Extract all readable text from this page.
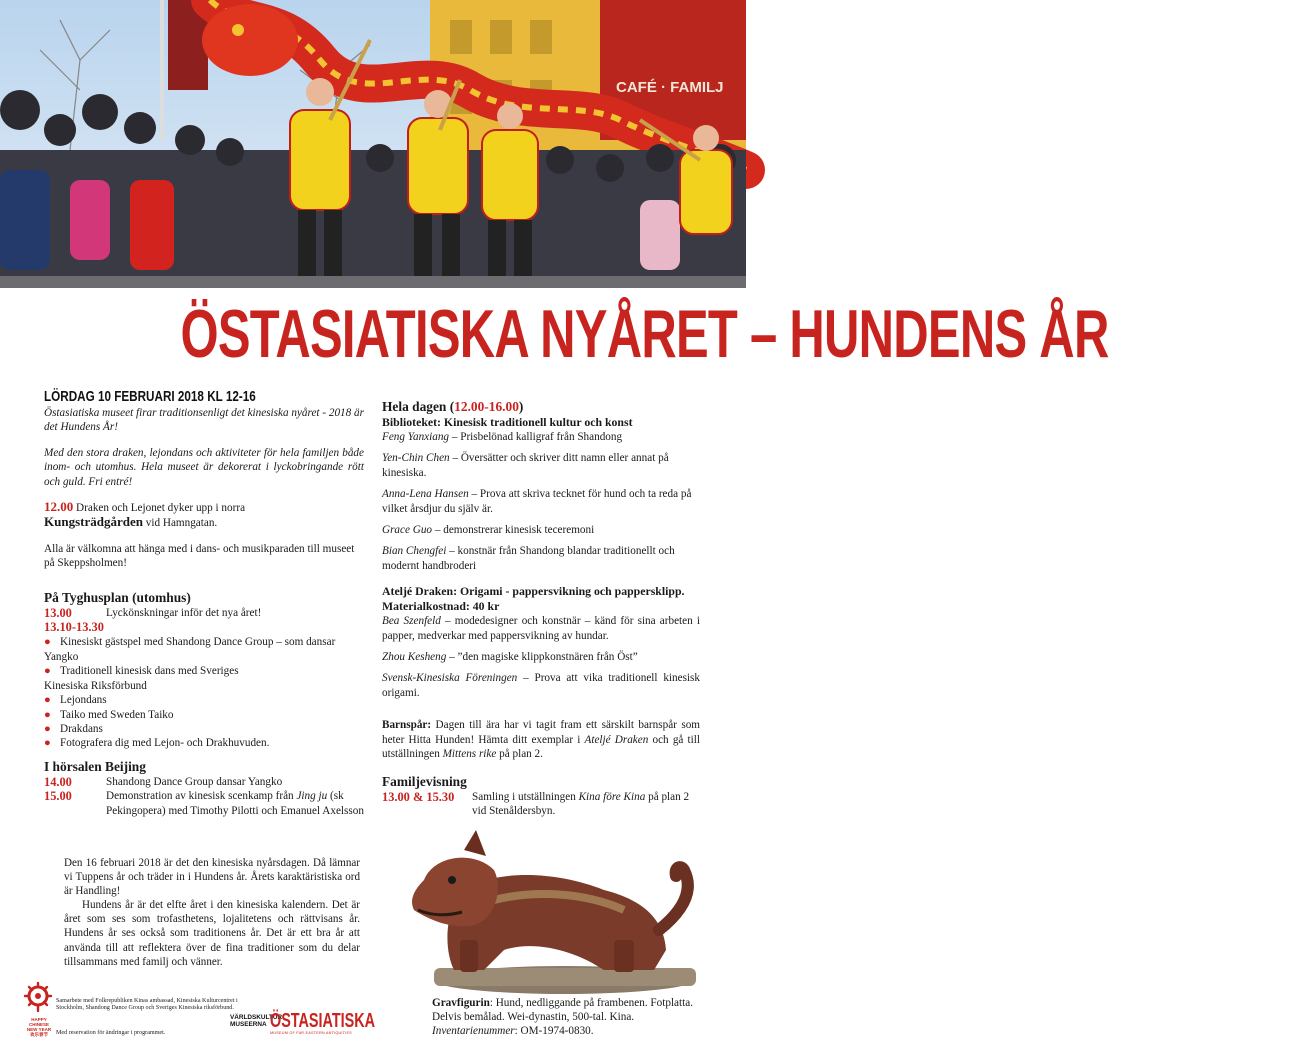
CAFÉ · FAMILJ
ÖSTASIATISKA NYÅRET – HUNDENS ÅR
LÖRDAG 10 FEBRUARI 2018 KL 12-16

Östasiatiska museet firar traditionsenligt det kinesiska nyåret - 2018 är det Hundens År!

Med den stora draken, lejondans och aktiviteter för hela familjen både inom- och utomhus. Hela museet är dekorerat i lyckobringande rött och guld. Fri entré!

12.00 Draken och Lejonet dyker upp i norra

Kungsträdgården vid Hamngatan.

Alla är välkomna att hänga med i dans- och musikparaden till museet på Skeppsholmen!

På Tyghusplan (utomhus)
13.00	Lyckönskningar inför det nya året!
13.10-13.30
● Kinesiskt gästspel med Shandong Dance Group – som dansar Yangko
● Traditionell kinesisk dans med Sveriges
Kinesiska Riksförbund
● Lejondans
● Taiko med Sweden Taiko
● Drakdans
● Fotografera dig med Lejon- och Drakhuvuden.
I hörsalen Beijing
14.00	Shandong Dance Group dansar Yangko
15.00	Demonstration av kinesisk scenkamp från Jing ju (sk Pekingopera) med Timothy Pilotti och Emanuel Axelsson
Hela dagen (12.00-16.00)
Biblioteket: Kinesisk traditionell kultur och konst

Feng Yanxiang – Prisbelönad kalligraf från Shandong

Yen-Chin Chen – Översätter och skriver ditt namn eller annat på kinesiska.

Anna-Lena Hansen – Prova att skriva tecknet för hund och ta reda på vilket årsdjur du själv är.

Grace Guo – demonstrerar kinesisk teceremoni

Bian Chengfei – konstnär från Shandong blandar traditionellt och modernt handbroderi

Ateljé Draken: Origami - pappersvikning och pappersklipp. Materialkostnad: 40 kr

Bea Szenfeld – modedesigner och konstnär – känd för sina arbeten i papper, medverkar med pappersvikning av hundar.

Zhou Kesheng – ”den magiske klippkonstnären från Öst”

Svensk-Kinesiska Föreningen – Prova att vika traditionell kinesisk origami.

Barnspår: Dagen till ära har vi tagit fram ett särskilt barnspår som heter Hitta Hunden! Hämta ditt exemplar i Ateljé Draken och gå till utställningen Mittens rike på plan 2.

Familjevisning
13.00 & 15.30	Samling i utställningen Kina före Kina på plan 2 vid Stenåldersbyn.

Den 16 februari 2018 är det den kinesiska nyårsdagen. Då lämnar vi Tuppens år och träder in i Hundens år. Årets karaktäristiska ord är Handling!

Hundens år är det elfte året i den kinesiska kalendern. Det är året som ses som trofasthetens, lojalitetens och rättvisans år. Hundens år ses också som traditionens år. Det är ett bra år att använda till att reflektera över de fina traditioner som du delar tillsammans med familj och vänner.

Gravfigurin: Hund, nedliggande på frambenen. Fotplatta. Delvis bemålad. Wei-dynastin, 500-tal. Kina. Inventarienummer: OM-1974-0830.
HAPPY
CHINESE
NEW YEAR
欢乐春节
Samarbete med Folkrepubliken Kinas ambassad, Kinesiska Kulturcentret i Stockholm, Shandong Dance Group och Sveriges Kinesiska riksförbund.
Med reservation för ändringar i programmet.
VÄRLDSKULTUR
MUSEERNA ÖSTASIATISKA
MUSEUM OF FAR EASTERN ANTIQUITIES
